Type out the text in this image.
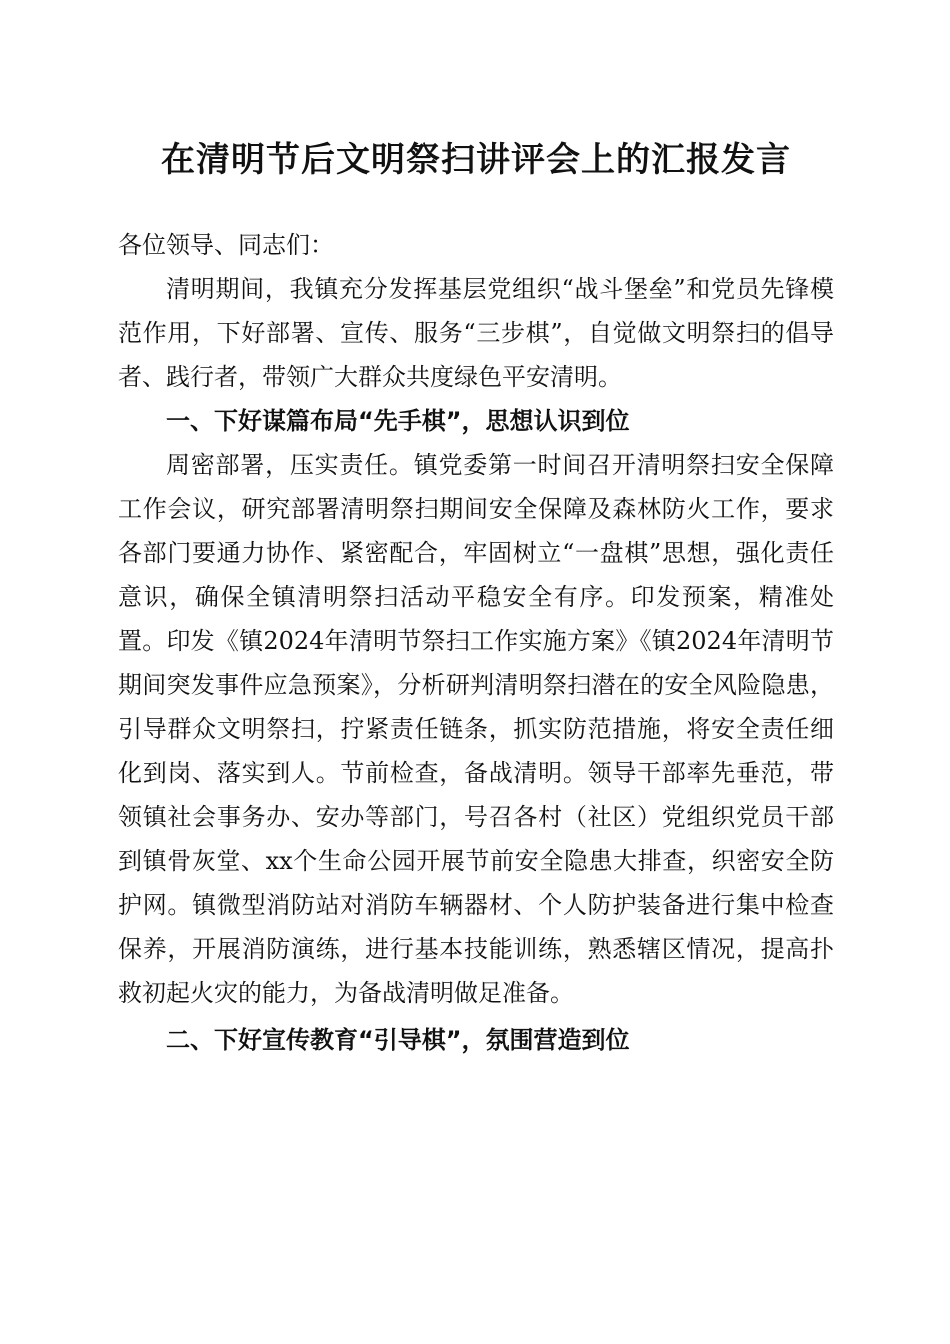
在清明节后文明祭扫讲评会上的汇报发言

各位领导、同志们：

清明期间，我镇充分发挥基层党组织“战斗堡垒”和党员先锋模范作用，下好部署、宣传、服务“三步棋”，自觉做文明祭扫的倡导者、践行者，带领广大群众共度绿色平安清明。

一、下好谋篇布局“先手棋”，思想认识到位

周密部署，压实责任。镇党委第一时间召开清明祭扫安全保障工作会议，研究部署清明祭扫期间安全保障及森林防火工作，要求各部门要通力协作、紧密配合，牢固树立“一盘棋”思想，强化责任意识，确保全镇清明祭扫活动平稳安全有序。印发预案，精准处置。印发《镇2024年清明节祭扫工作实施方案》《镇2024年清明节期间突发事件应急预案》，分析研判清明祭扫潜在的安全风险隐患，引导群众文明祭扫，拧紧责任链条，抓实防范措施，将安全责任细化到岗、落实到人。节前检查，备战清明。领导干部率先垂范，带领镇社会事务办、安办等部门，号召各村（社区）党组织党员干部到镇骨灰堂、xx个生命公园开展节前安全隐患大排查，织密安全防护网。镇微型消防站对消防车辆器材、个人防护装备进行集中检查保养，开展消防演练，进行基本技能训练，熟悉辖区情况，提高扑救初起火灾的能力，为备战清明做足准备。

二、下好宣传教育“引导棋”，氛围营造到位
